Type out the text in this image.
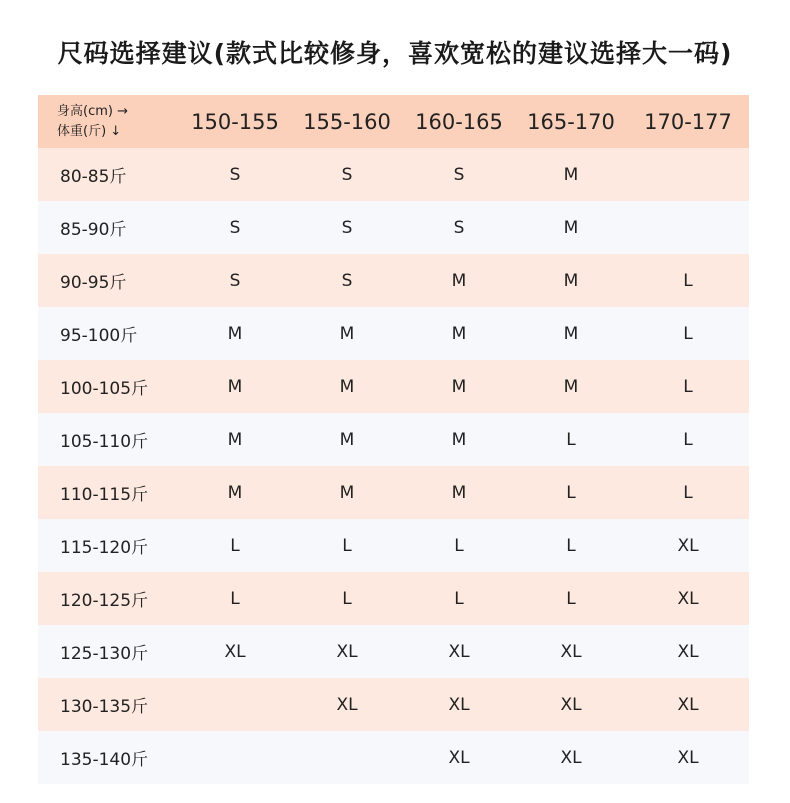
尺码选择建议(款式比较修身，喜欢宽松的建议选择大一码)
身高(cm) →
体重(斤) ↓	150-155	155-160	160-165	165-170	170-177
80-85斤	S	S	S	M	
85-90斤	S	S	S	M	
90-95斤	S	S	M	M	L
95-100斤	M	M	M	M	L
100-105斤	M	M	M	M	L
105-110斤	M	M	M	L	L
110-115斤	M	M	M	L	L
115-120斤	L	L	L	L	XL
120-125斤	L	L	L	L	XL
125-130斤	XL	XL	XL	XL	XL
130-135斤		XL	XL	XL	XL
135-140斤			XL	XL	XL
